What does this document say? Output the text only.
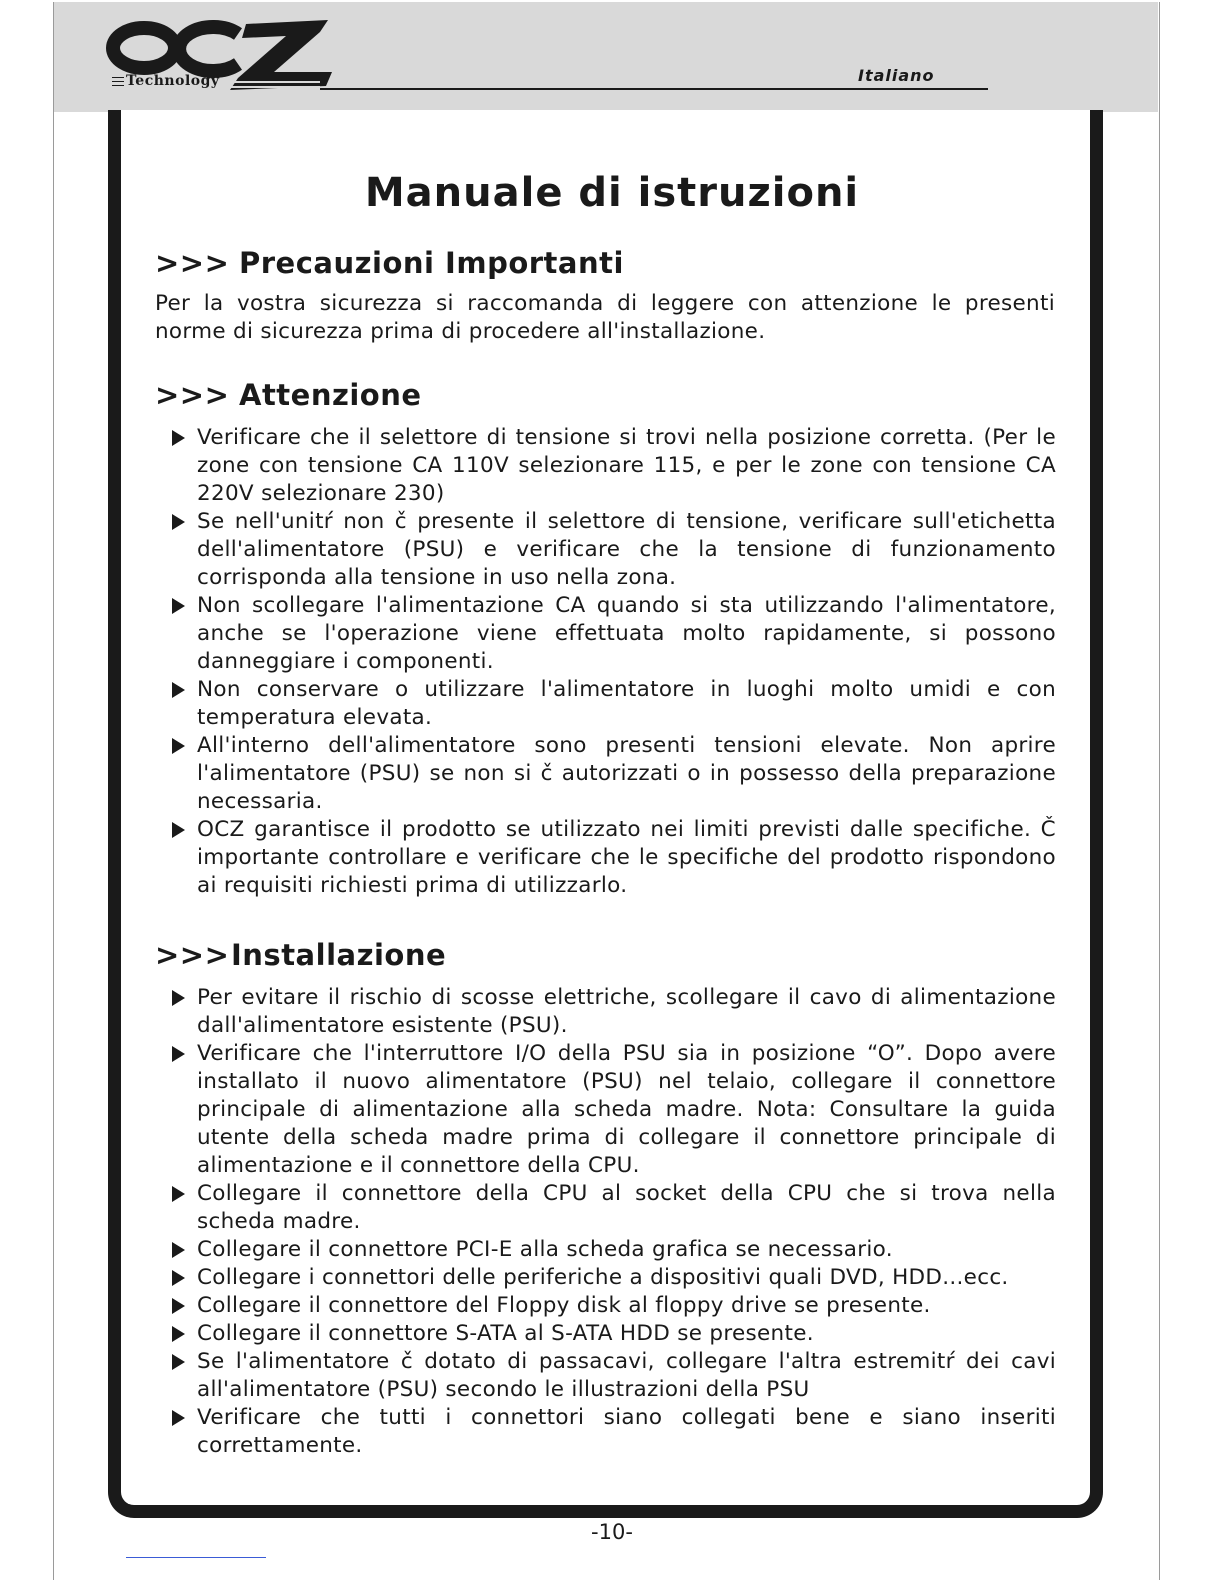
Technology	Italiano
Manuale di istruzioni
>>> Precauzioni Importanti
Per la vostra sicurezza si raccomanda di leggere con attenzione le presenti norme di sicurezza prima di procedere all'installazione.
>>> Attenzione
Verificare che il selettore di tensione si trovi nella posizione corretta. (Per le zone con tensione CA 110V selezionare 115, e per le zone con tensione CA 220V selezionare 230)
Se nell'unitŕ non č presente il selettore di tensione, verificare sull'etichetta dell'alimentatore (PSU) e verificare che la tensione di funzionamento corrisponda alla tensione in uso nella zona.
Non scollegare l'alimentazione CA quando si sta utilizzando l'alimentatore, anche se l'operazione viene effettuata molto rapidamente, si possono danneggiare i componenti.
Non conservare o utilizzare l'alimentatore in luoghi molto umidi e con temperatura elevata.
All'interno dell'alimentatore sono presenti tensioni elevate. Non aprire l'alimentatore (PSU) se non si č autorizzati o in possesso della preparazione necessaria.
OCZ garantisce il prodotto se utilizzato nei limiti previsti dalle specifiche. Č importante controllare e verificare che le specifiche del prodotto rispondono ai requisiti richiesti prima di utilizzarlo.
>>>Installazione
Per evitare il rischio di scosse elettriche, scollegare il cavo di alimentazione dall'alimentatore esistente (PSU).
Verificare che l'interruttore I/O della PSU sia in posizione “O”. Dopo avere installato il nuovo alimentatore (PSU) nel telaio, collegare il connettore principale di alimentazione alla scheda madre. Nota: Consultare la guida utente della scheda madre prima di collegare il connettore principale di alimentazione e il connettore della CPU.
Collegare il connettore della CPU al socket della CPU che si trova nella scheda madre.
Collegare il connettore PCI-E alla scheda grafica se necessario.
Collegare i connettori delle periferiche a dispositivi quali DVD, HDD...ecc.
Collegare il connettore del Floppy disk al floppy drive se presente.
Collegare il connettore S-ATA al S-ATA HDD se presente.
Se l'alimentatore č dotato di passacavi, collegare l'altra estremitŕ dei cavi all'alimentatore (PSU) secondo le illustrazioni della PSU
Verificare che tutti i connettori siano collegati bene e siano inseriti correttamente.
-10-
